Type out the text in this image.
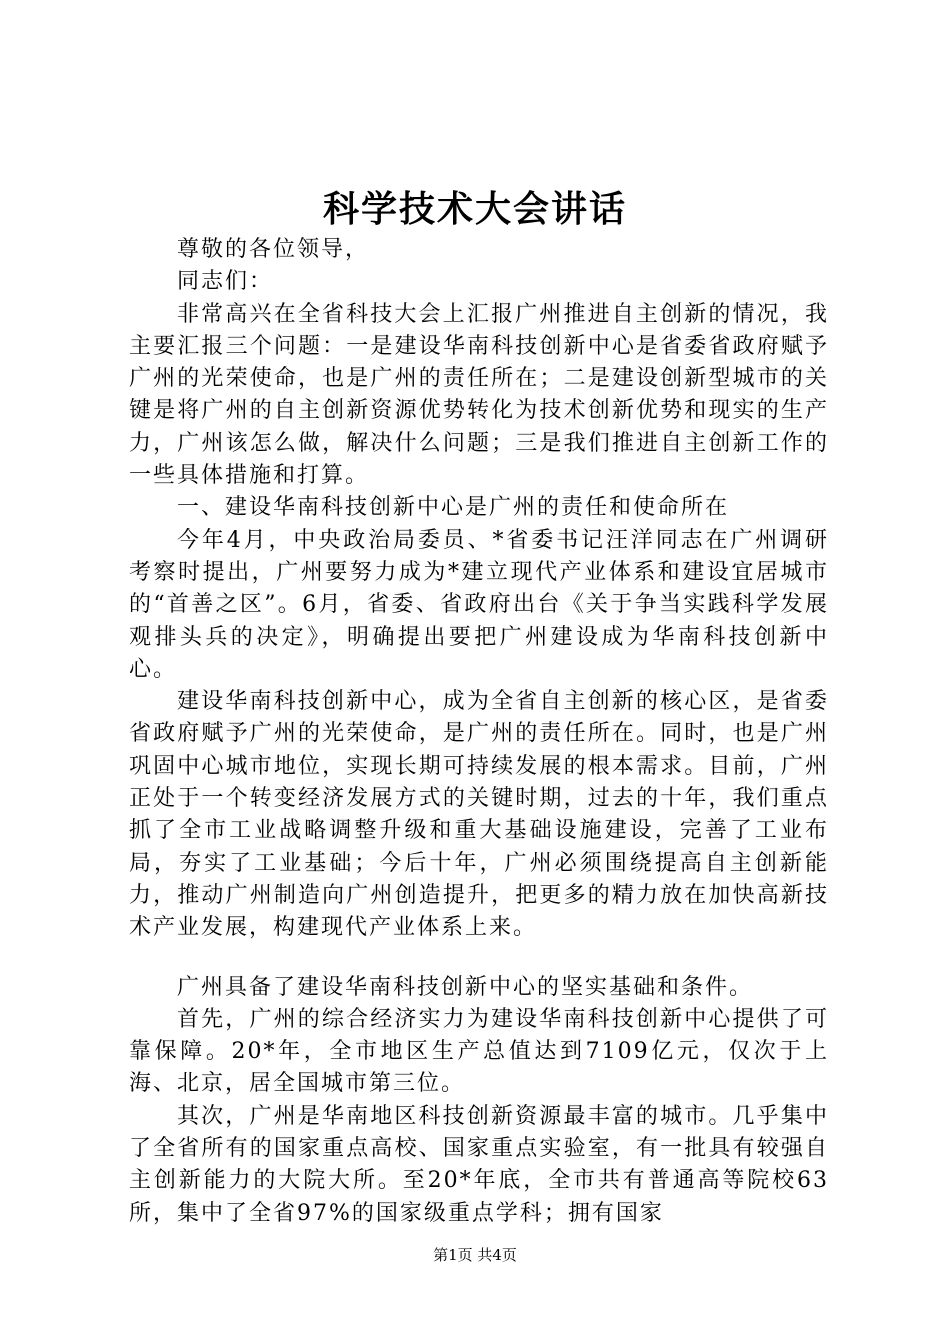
科学技术大会讲话

尊敬的各位领导，

同志们：

非常高兴在全省科技大会上汇报广州推进自主创新的情况，我主要汇报三个问题：一是建设华南科技创新中心是省委省政府赋予广州的光荣使命，也是广州的责任所在；二是建设创新型城市的关键是将广州的自主创新资源优势转化为技术创新优势和现实的生产力，广州该怎么做，解决什么问题；三是我们推进自主创新工作的一些具体措施和打算。

一、建设华南科技创新中心是广州的责任和使命所在

今年4月，中央政治局委员、*省委书记汪洋同志在广州调研考察时提出，广州要努力成为*建立现代产业体系和建设宜居城市的“首善之区”。6月，省委、省政府出台《关于争当实践科学发展观排头兵的决定》，明确提出要把广州建设成为华南科技创新中心。

建设华南科技创新中心，成为全省自主创新的核心区，是省委省政府赋予广州的光荣使命，是广州的责任所在。同时，也是广州巩固中心城市地位，实现长期可持续发展的根本需求。目前，广州正处于一个转变经济发展方式的关键时期，过去的十年，我们重点抓了全市工业战略调整升级和重大基础设施建设，完善了工业布局，夯实了工业基础；今后十年，广州必须围绕提高自主创新能力，推动广州制造向广州创造提升，把更多的精力放在加快高新技术产业发展，构建现代产业体系上来。

广州具备了建设华南科技创新中心的坚实基础和条件。

首先，广州的综合经济实力为建设华南科技创新中心提供了可靠保障。20*年，全市地区生产总值达到7109亿元，仅次于上海、北京，居全国城市第三位。

其次，广州是华南地区科技创新资源最丰富的城市。几乎集中了全省所有的国家重点高校、国家重点实验室，有一批具有较强自主创新能力的大院大所。至20*年底，全市共有普通高等院校63所，集中了全省97%的国家级重点学科；拥有国家

第1页 共4页
